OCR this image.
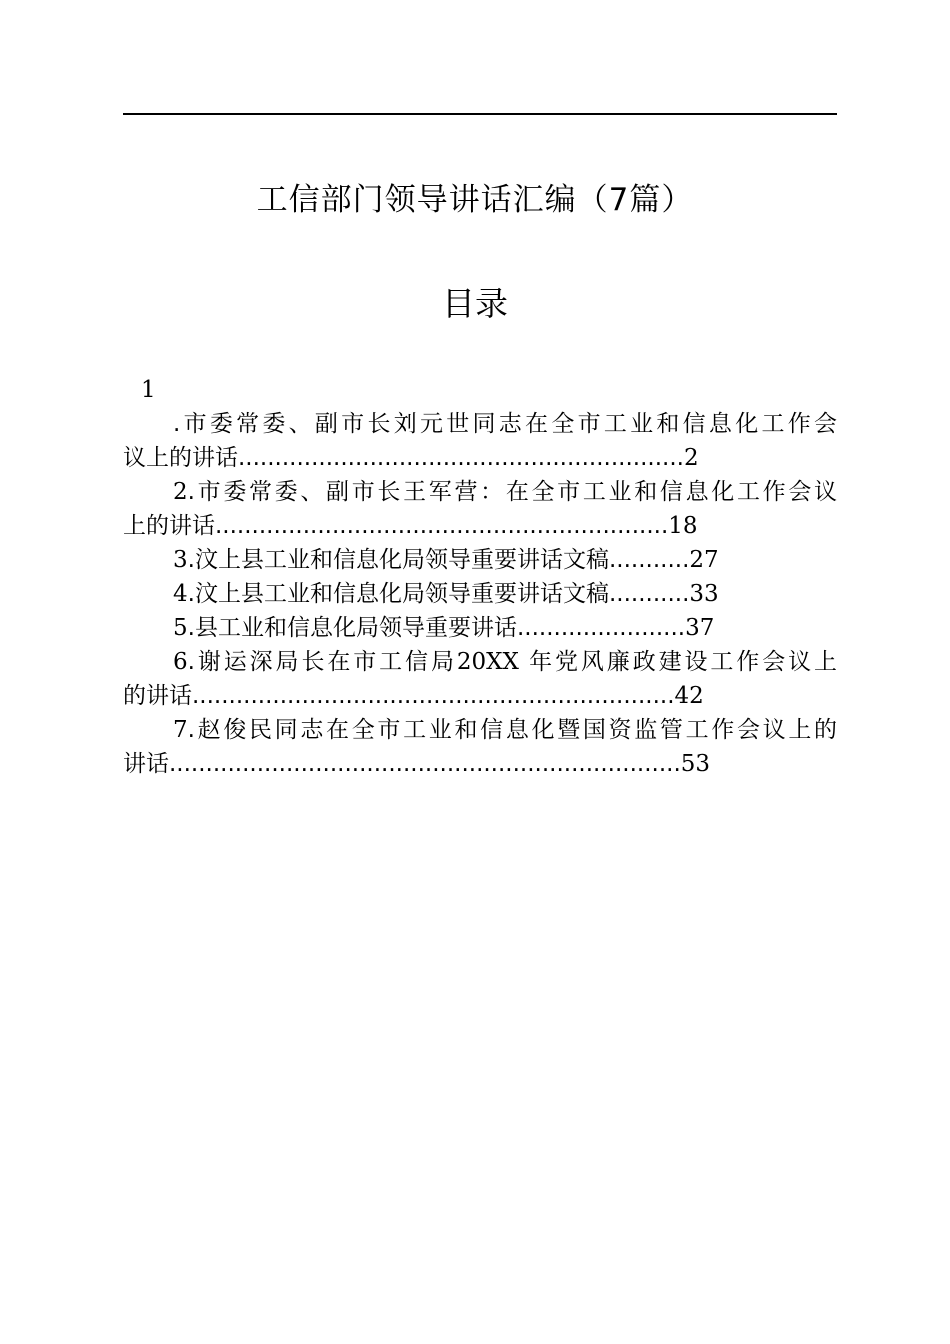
工信部门领导讲话汇编（7篇）
目录
1
.市委常委、副市长刘元世同志在全市工业和信息化工作会
议上的讲话.............................................................2
2.市委常委、副市长王军营：在全市工业和信息化工作会议
上的讲话..............................................................18
3.汶上县工业和信息化局领导重要讲话文稿...........27
4.汶上县工业和信息化局领导重要讲话文稿...........33
5.县工业和信息化局领导重要讲话.......................37
6.谢运深局长在市工信局20XX 年党风廉政建设工作会议上
的讲话..................................................................42
7.赵俊民同志在全市工业和信息化暨国资监管工作会议上的
讲话......................................................................53
